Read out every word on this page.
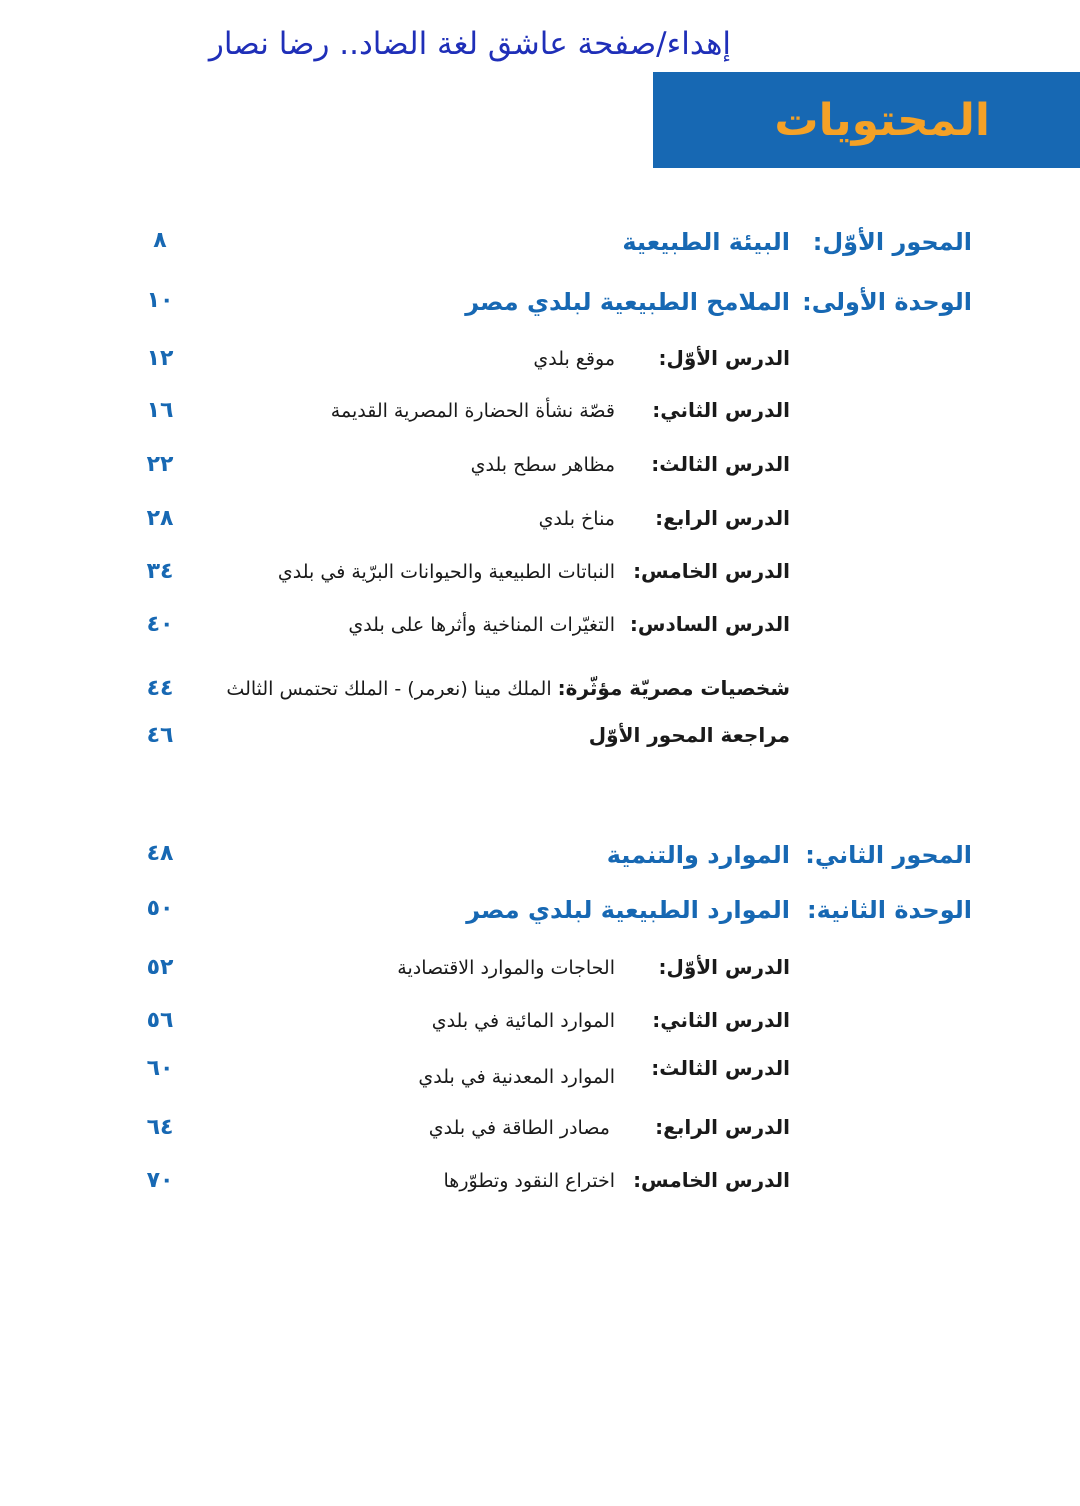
إهداء/صفحة عاشق لغة الضاد.. رضا نصار
المحتويات
المحور الأوّل:
البيئة الطبيعية
٨
الوحدة الأولى:
الملامح الطبيعية لبلدي مصر
١٠
الدرس الأوّل:
موقع بلدي
١٢
الدرس الثاني:
قصّة نشأة الحضارة المصرية القديمة
١٦
الدرس الثالث:
مظاهر سطح بلدي
٢٢
الدرس الرابع:
مناخ بلدي
٢٨
الدرس الخامس:
النباتات الطبيعية والحيوانات البرّية في بلدي
٣٤
الدرس السادس:
التغيّرات المناخية وأثرها على بلدي
٤٠
شخصيات مصريّة مؤثّرة: الملك مينا (نعرمر) - الملك تحتمس الثالث
٤٤
مراجعة المحور الأوّل
٤٦
المحور الثاني:
الموارد والتنمية
٤٨
الوحدة الثانية:
الموارد الطبيعية لبلدي مصر
٥٠
الدرس الأوّل:
الحاجات والموارد الاقتصادية
٥٢
الدرس الثاني:
الموارد المائية في بلدي
٥٦
الدرس الثالث:
الموارد المعدنية في بلدي
٦٠
الدرس الرابع:
مصادر الطاقة في بلدي
٦٤
الدرس الخامس:
اختراع النقود وتطوّرها
٧٠
